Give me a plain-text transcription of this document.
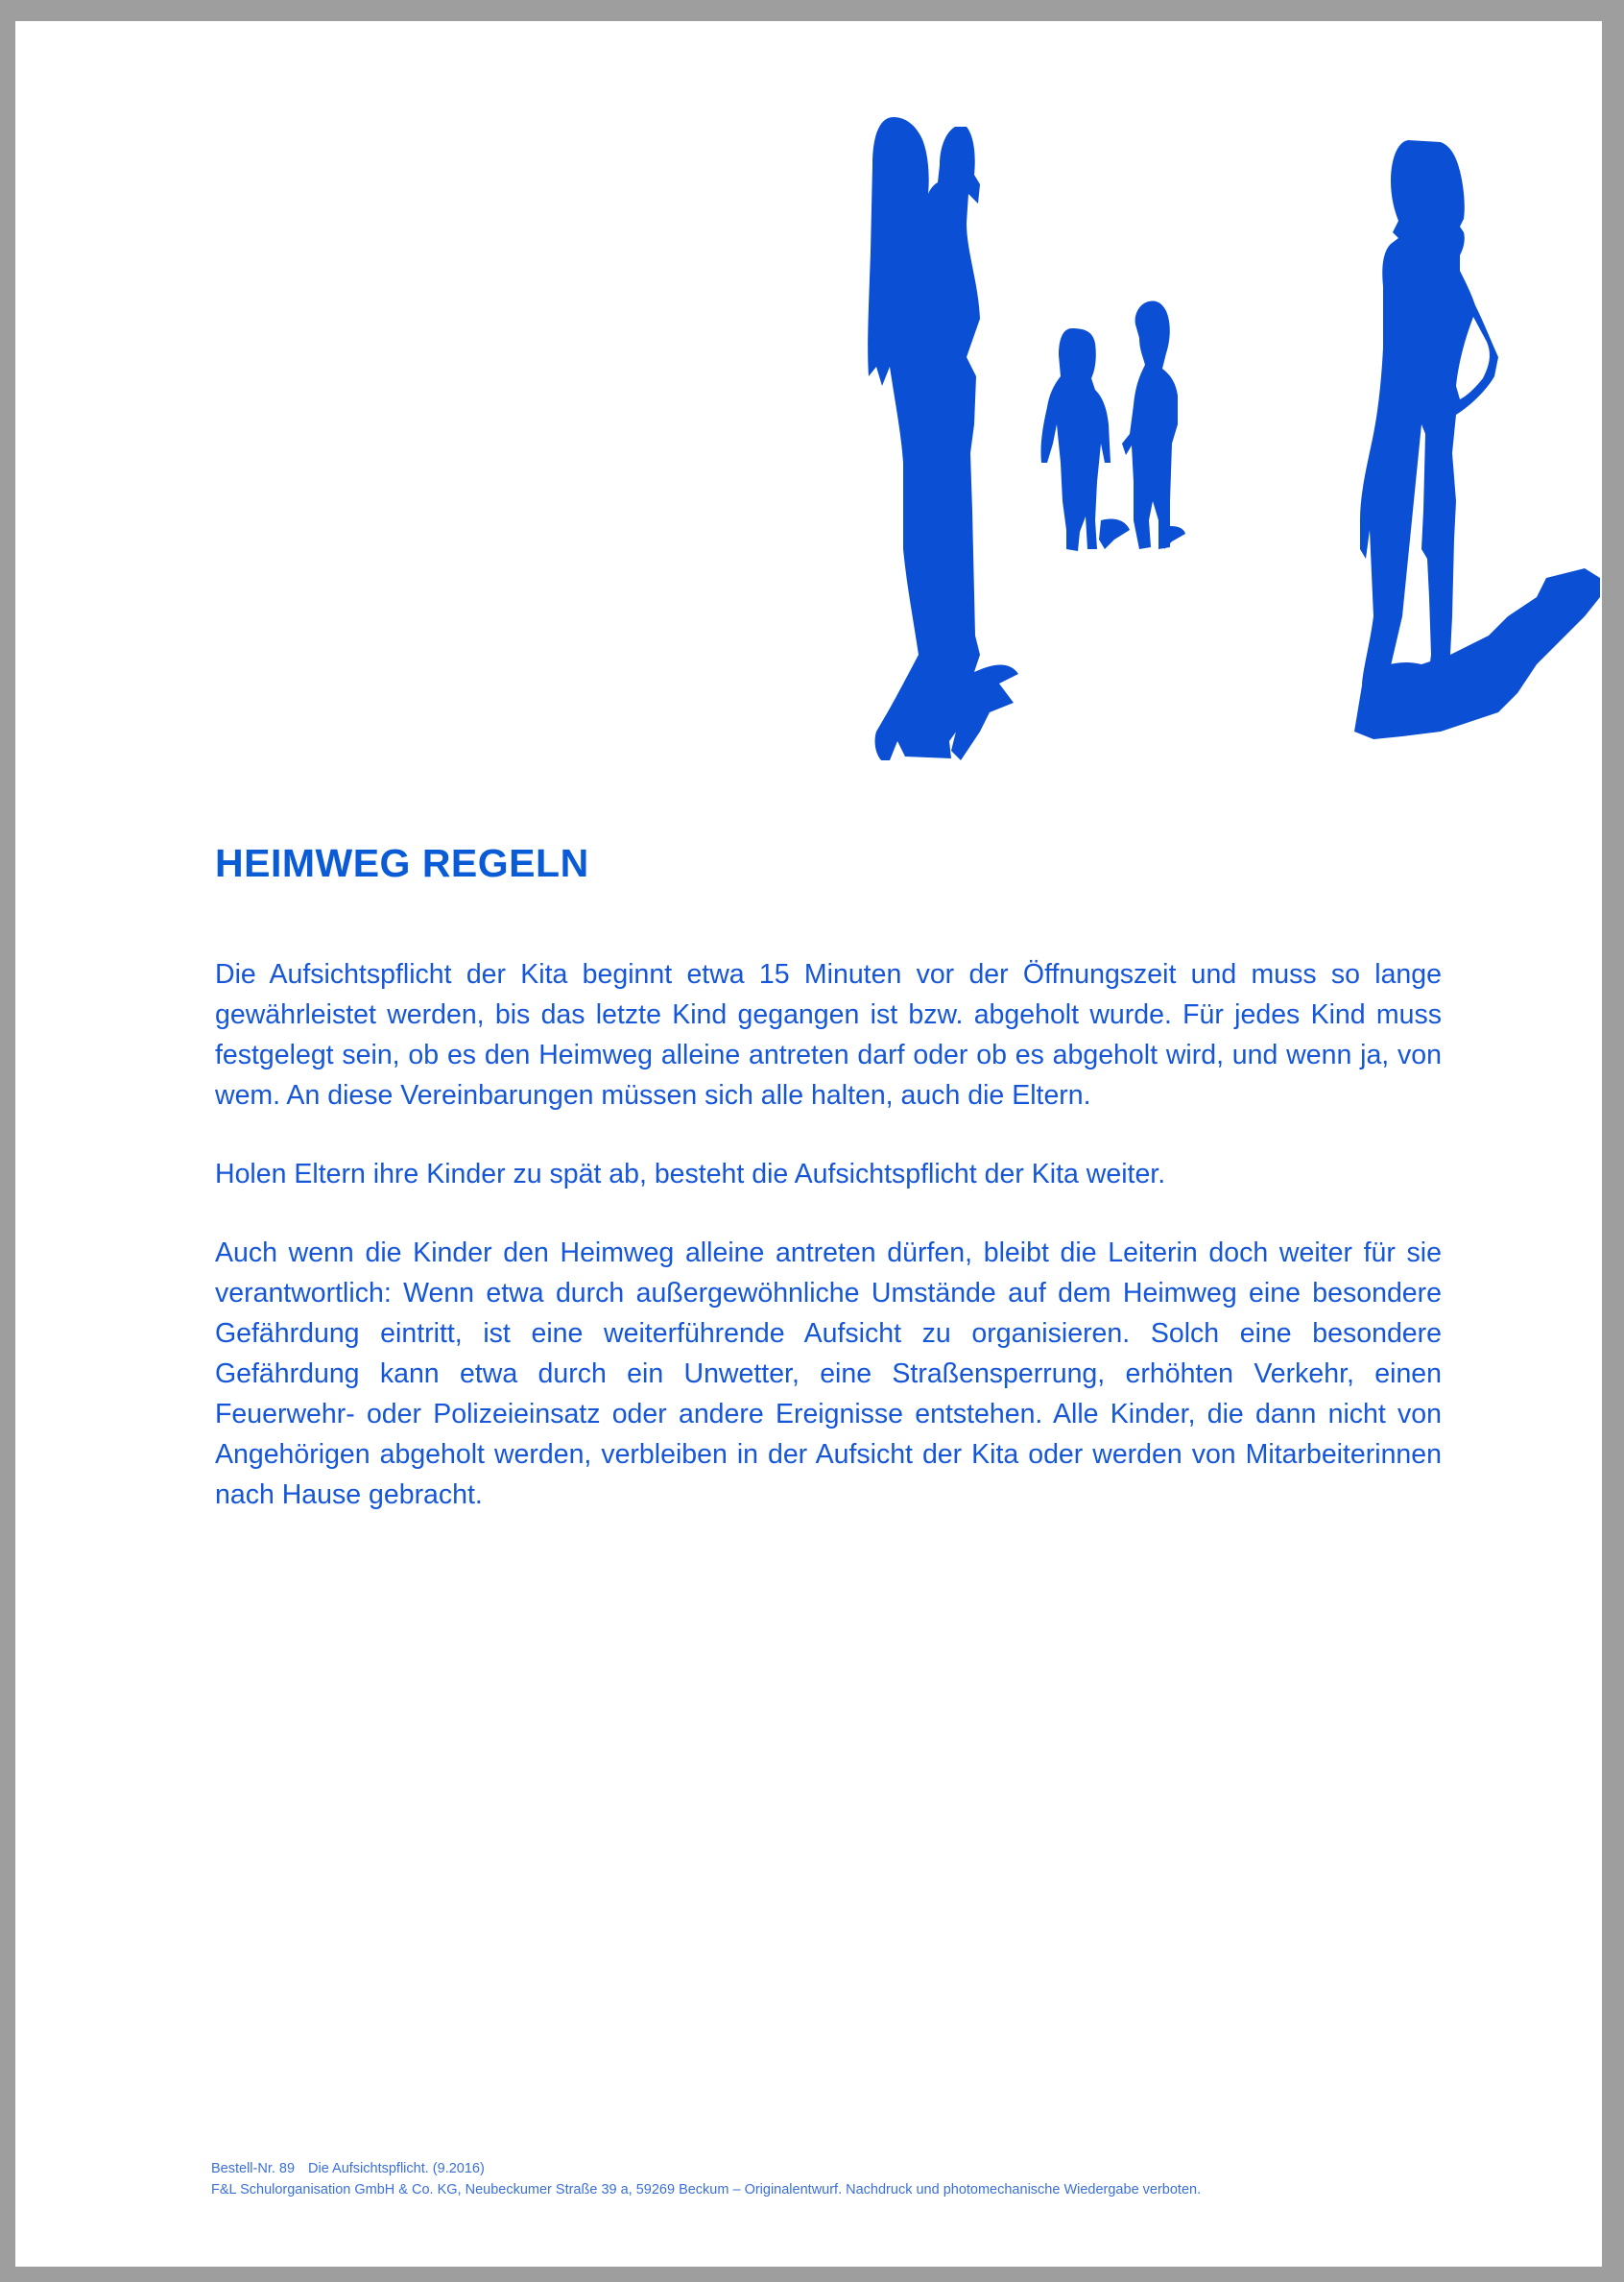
HEIMWEG REGELN

Die Aufsichtspflicht der Kita beginnt etwa 15 Minuten vor der Öffnungszeit und muss so lange gewährleistet werden, bis das letzte Kind gegangen ist bzw. abgeholt wurde. Für jedes Kind muss festgelegt sein, ob es den Heimweg alleine antreten darf oder ob es abgeholt wird, und wenn ja, von wem. An diese Vereinbarungen müssen sich alle halten, auch die Eltern.

Holen Eltern ihre Kinder zu spät ab, besteht die Aufsichtspflicht der Kita weiter.

Auch wenn die Kinder den Heimweg alleine antreten dürfen, bleibt die Leiterin doch weiter für sie verantwortlich: Wenn etwa durch außergewöhnliche Umstände auf dem Heimweg eine besondere Gefährdung eintritt, ist eine weiterführende Aufsicht zu organisieren. Solch eine besondere Gefährdung kann etwa durch ein Unwetter, eine Straßensperrung, erhöhten Verkehr, einen Feuerwehr- oder Polizeieinsatz oder andere Ereignisse entstehen. Alle Kinder, die dann nicht von Angehörigen abgeholt werden, verbleiben in der Aufsicht der Kita oder werden von Mitarbeiterinnen nach Hause gebracht.

Bestell-Nr. 89 Die Aufsichtspflicht. (9.2016)
F&L Schulorganisation GmbH & Co. KG, Neubeckumer Straße 39 a, 59269 Beckum – Originalentwurf. Nachdruck und photomechanische Wiedergabe verboten.
